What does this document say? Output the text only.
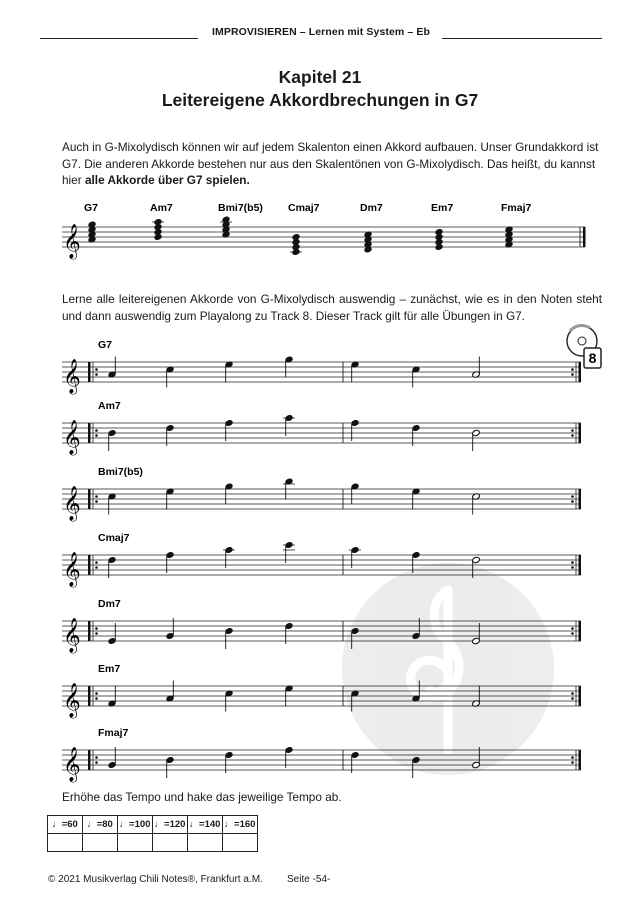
IMPROVISIEREN – Lernen mit System – Eb
Kapitel 21
Leitereigene Akkordbrechungen in G7
Auch in G-Mixolydisch können wir auf jedem Skalenton einen Akkord aufbauen. Unser Grundakkord ist G7. Die anderen Akkorde bestehen nur aus den Skalentönen von G-Mixolydisch. Das heißt, du kannst hier alle Akkorde über G7 spielen.
Lerne alle leitereigenen Akkorde von G-Mixolydisch auswendig – zunächst, wie es in den Noten steht und dann auswendig zum Playalong zu Track 8. Dieser Track gilt für alle Übungen in G7.
Erhöhe das Tempo und hake das jeweilige Tempo ab.
♩=60	♩=80	♩=100	♩=120	♩=140	♩=160

8
𝄞
G7	Am7	Bmi7(b5) Cmaj7	Dm7	Em7	Fmaj7
𝄞
G7
𝄞
Am7
𝄞
Bmi7(b5)
𝄞
Cmaj7
𝄞
Dm7
𝄞
Em7
𝄞
Fmaj7
© 2021 Musikverlag Chili Notes®, Frankfurt a.M. Seite -54-
